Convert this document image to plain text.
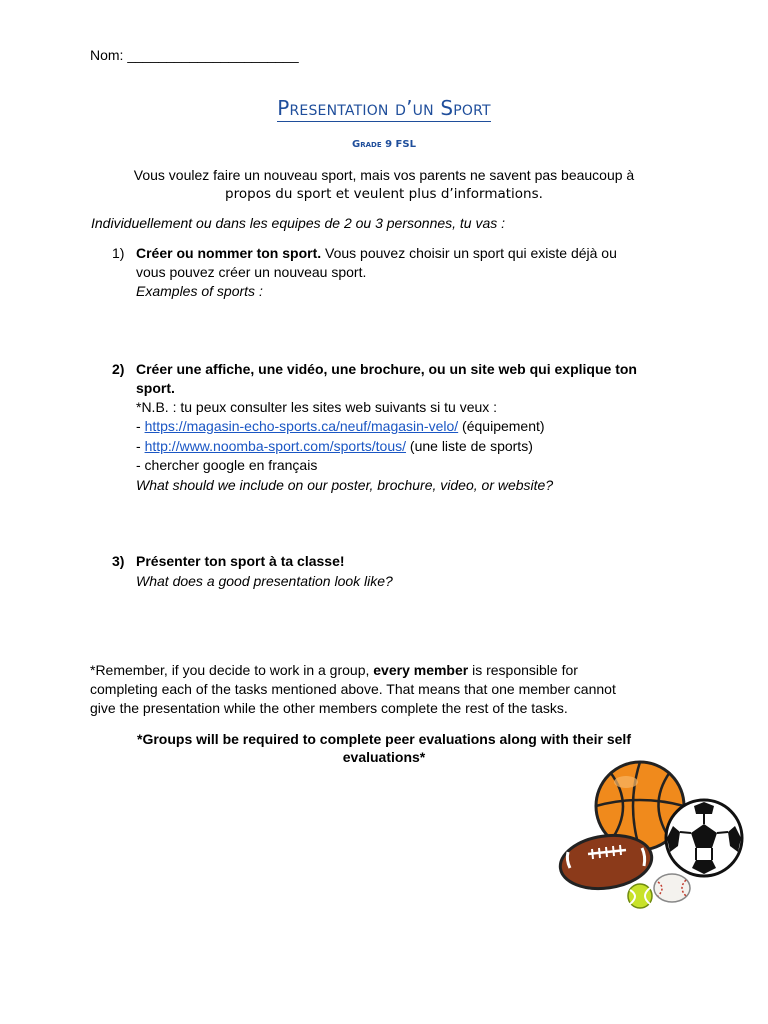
Nom: ______________________
Presentation d’un Sport
Grade 9 FSL
Vous voulez faire un nouveau sport, mais vos parents ne savent pas beaucoup à
propos du sport et veulent plus d’informations.
Individuellement ou dans les equipes de 2 ou 3 personnes, tu vas :
1) Créer ou nommer ton sport. Vous pouvez choisir un sport qui existe déjà ou
vous pouvez créer un nouveau sport.
Examples of sports :
2) Créer une affiche, une vidéo, une brochure, ou un site web qui explique ton
sport.
*N.B. : tu peux consulter les sites web suivants si tu veux :
- https://magasin-echo-sports.ca/neuf/magasin-velo/ (équipement)
- http://www.noomba-sport.com/sports/tous/ (une liste de sports)
- chercher google en français
What should we include on our poster, brochure, video, or website?
3) Présenter ton sport à ta classe!
What does a good presentation look like?
*Remember, if you decide to work in a group, every member is responsible for
completing each of the tasks mentioned above. That means that one member cannot
give the presentation while the other members complete the rest of the tasks.
*Groups will be required to complete peer evaluations along with their self
evaluations*
